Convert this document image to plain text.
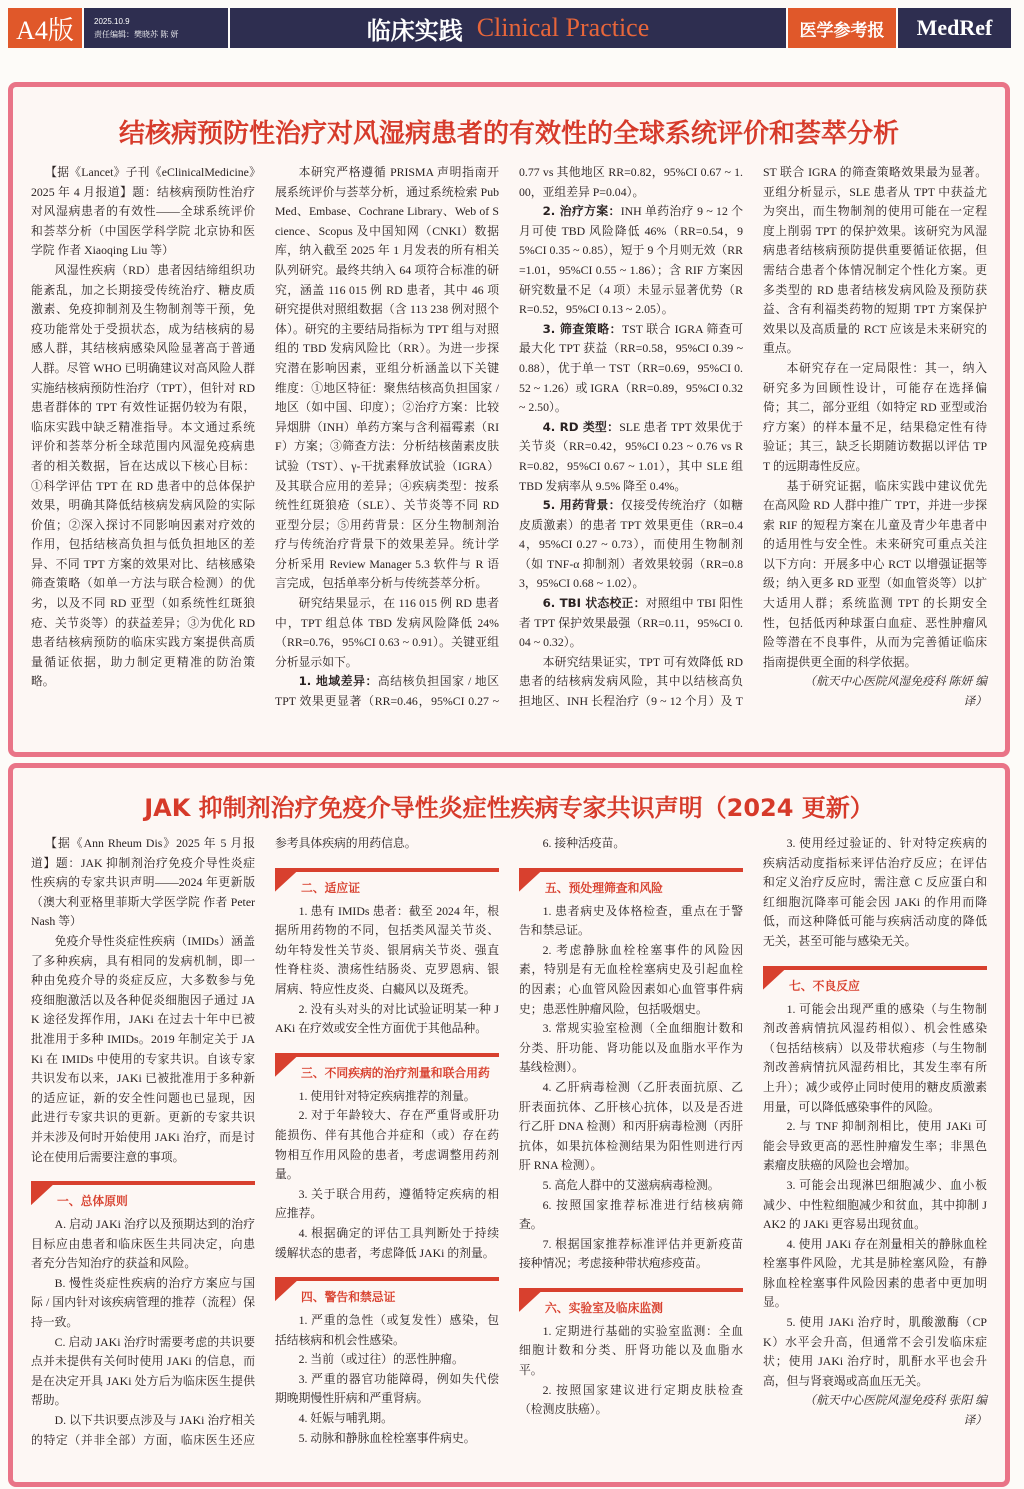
A4版	2025.10.9
责任编辑：樊晓苏 陈 妍	临床实践 Clinical Practice	医学参考报	MedRef
结核病预防性治疗对风湿病患者的有效性的全球系统评价和荟萃分析

【据《Lancet》子刊《eClinicalMedicine》2025 年 4 月报道】题：结核病预防性治疗对风湿病患者的有效性——全球系统评价和荟萃分析（中国医学科学院 北京协和医学院 作者 Xiaoqing Liu 等）

风湿性疾病（RD）患者因结缔组织功能紊乱，加之长期接受传统治疗、糖皮质激素、免疫抑制剂及生物制剂等干预，免疫功能常处于受损状态，成为结核病的易感人群，其结核病感染风险显著高于普通人群。尽管 WHO 已明确建议对高风险人群实施结核病预防性治疗（TPT），但针对 RD 患者群体的 TPT 有效性证据仍较为有限，临床实践中缺乏精准指导。本文通过系统评价和荟萃分析全球范围内风湿免疫病患者的相关数据，旨在达成以下核心目标：①科学评估 TPT 在 RD 患者中的总体保护效果，明确其降低结核病发病风险的实际价值；②深入探讨不同影响因素对疗效的作用，包括结核高负担与低负担地区的差异、不同 TPT 方案的效果对比、结核感染筛查策略（如单一方法与联合检测）的优劣，以及不同 RD 亚型（如系统性红斑狼疮、关节炎等）的获益差异；③为优化 RD 患者结核病预防的临床实践方案提供高质量循证依据，助力制定更精准的防治策略。

本研究严格遵循 PRISMA 声明指南开展系统评价与荟萃分析，通过系统检索 PubMed、Embase、Cochrane Library、Web of Science、Scopus 及中国知网（CNKI）数据库，纳入截至 2025 年 1 月发表的所有相关队列研究。最终共纳入 64 项符合标准的研究，涵盖 116 015 例 RD 患者，其中 46 项研究提供对照组数据（含 113 238 例对照个体）。研究的主要结局指标为 TPT 组与对照组的 TBD 发病风险比（RR）。为进一步探究潜在影响因素，亚组分析涵盖以下关键维度：①地区特征：聚焦结核高负担国家 / 地区（如中国、印度）；②治疗方案：比较异烟肼（INH）单药方案与含利福霉素（RIF）方案；③筛查方法：分析结核菌素皮肤试验（TST）、γ-干扰素释放试验（IGRA）及其联合应用的差异；④疾病类型：按系统性红斑狼疮（SLE）、关节炎等不同 RD 亚型分层；⑤用药背景：区分生物制剂治疗与传统治疗背景下的效果差异。统计学分析采用 Review Manager 5.3 软件与 R 语言完成，包括单率分析与传统荟萃分析。

研究结果显示，在 116 015 例 RD 患者中，TPT 组总体 TBD 发病风险降低 24%（RR=0.76，95%CI 0.63 ~ 0.91）。关键亚组分析显示如下。

1. 地域差异：高结核负担国家 / 地区 TPT 效果更显著（RR=0.46，95%CI 0.27 ~ 0.77 vs 其他地区 RR=0.82，95%CI 0.67 ~ 1.00，亚组差异 P=0.04）。

2. 治疗方案：INH 单药治疗 9 ~ 12 个月可使 TBD 风险降低 46%（RR=0.54，95%CI 0.35 ~ 0.85），短于 9 个月则无效（RR=1.01，95%CI 0.55 ~ 1.86）；含 RIF 方案因研究数量不足（4 项）未显示显著优势（RR=0.52，95%CI 0.13 ~ 2.05）。

3. 筛查策略：TST 联合 IGRA 筛查可最大化 TPT 获益（RR=0.58，95%CI 0.39 ~ 0.88），优于单一 TST（RR=0.69，95%CI 0.52 ~ 1.26）或 IGRA（RR=0.89，95%CI 0.32 ~ 2.50）。

4. RD 类型：SLE 患者 TPT 效果优于关节炎（RR=0.42，95%CI 0.23 ~ 0.76 vs RR=0.82，95%CI 0.67 ~ 1.01），其中 SLE 组 TBD 发病率从 9.5% 降至 0.4%。

5. 用药背景：仅接受传统治疗（如糖皮质激素）的患者 TPT 效果更佳（RR=0.44，95%CI 0.27 ~ 0.73），而使用生物制剂（如 TNF-α 抑制剂）者效果较弱（RR=0.83，95%CI 0.68 ~ 1.02）。

6. TBI 状态校正：对照组中 TBI 阳性者 TPT 保护效果最强（RR=0.11，95%CI 0.04 ~ 0.32）。

本研究结果证实，TPT 可有效降低 RD 患者的结核病发病风险，其中以结核高负担地区、INH 长程治疗（9 ~ 12 个月）及 TST 联合 IGRA 的筛查策略效果最为显著。亚组分析显示，SLE 患者从 TPT 中获益尤为突出，而生物制剂的使用可能在一定程度上削弱 TPT 的保护效果。该研究为风湿病患者结核病预防提供重要循证依据，但需结合患者个体情况制定个性化方案。更多类型的 RD 患者结核发病风险及预防获益、含有利福类药物的短期 TPT 方案保护效果以及高质量的 RCT 应该是未来研究的重点。

本研究存在一定局限性：其一，纳入研究多为回顾性设计，可能存在选择偏倚；其二，部分亚组（如特定 RD 亚型或治疗方案）的样本量不足，结果稳定性有待验证；其三，缺乏长期随访数据以评估 TPT 的远期毒性反应。

基于研究证据，临床实践中建议优先在高风险 RD 人群中推广 TPT，并进一步探索 RIF 的短程方案在儿童及青少年患者中的适用性与安全性。未来研究可重点关注以下方向：开展多中心 RCT 以增强证据等级；纳入更多 RD 亚型（如血管炎等）以扩大适用人群；系统监测 TPT 的长期安全性，包括低丙种球蛋白血症、恶性肿瘤风险等潜在不良事件，从而为完善循证临床指南提供更全面的科学依据。

（航天中心医院风湿免疫科 陈妍 编译）

JAK 抑制剂治疗免疫介导性炎症性疾病专家共识声明（2024 更新）

【据《Ann Rheum Dis》2025 年 5 月报道】题：JAK 抑制剂治疗免疫介导性炎症性疾病的专家共识声明——2024 年更新版（澳大利亚格里菲斯大学医学院 作者 Peter Nash 等）

免疫介导性炎症性疾病（IMIDs）涵盖了多种疾病，具有相同的发病机制，即一种由免疫介导的炎症反应，大多数参与免疫细胞激活以及各种促炎细胞因子通过 JAK 途径发挥作用，JAKi 在过去十年中已被批准用于多种 IMIDs。2019 年制定关于 JAKi 在 IMIDs 中使用的专家共识。自该专家共识发布以来，JAKi 已被批准用于多种新的适应证，新的安全性问题也已显现，因此进行专家共识的更新。更新的专家共识并未涉及何时开始使用 JAKi 治疗，而是讨论在使用后需要注意的事项。

一、总体原则

A. 启动 JAKi 治疗以及预期达到的治疗目标应由患者和临床医生共同决定，向患者充分告知治疗的获益和风险。

B. 慢性炎症性疾病的治疗方案应与国际 / 国内针对该疾病管理的推荐（流程）保持一致。

C. 启动 JAKi 治疗时需要考虑的共识要点并未提供有关何时使用 JAKi 的信息，而是在决定开具 JAKi 处方后为临床医生提供帮助。

D. 以下共识要点涉及与 JAKi 治疗相关的特定（并非全部）方面，临床医生还应参考具体疾病的用药信息。

二、适应证

1. 患有 IMIDs 患者：截至 2024 年，根据所用药物的不同，包括类风湿关节炎、幼年特发性关节炎、银屑病关节炎、强直性脊柱炎、溃疡性结肠炎、克罗恩病、银屑病、特应性皮炎、白癜风以及斑秃。

2. 没有头对头的对比试验证明某一种 JAKi 在疗效或安全性方面优于其他品种。

三、不同疾病的治疗剂量和联合用药

1. 使用针对特定疾病推荐的剂量。

2. 对于年龄较大、存在严重肾或肝功能损伤、伴有其他合并症和（或）存在药物相互作用风险的患者，考虑调整用药剂量。

3. 关于联合用药，遵循特定疾病的相应推荐。

4. 根据确定的评估工具判断处于持续缓解状态的患者，考虑降低 JAKi 的剂量。

四、警告和禁忌证

1. 严重的急性（或复发性）感染，包括结核病和机会性感染。

2. 当前（或过往）的恶性肿瘤。

3. 严重的器官功能障碍，例如失代偿期晚期慢性肝病和严重肾病。

4. 妊娠与哺乳期。

5. 动脉和静脉血栓栓塞事件病史。

6. 接种活疫苗。

五、预处理筛查和风险

1. 患者病史及体格检查，重点在于警告和禁忌证。

2. 考虑静脉血栓栓塞事件的风险因素，特别是有无血栓栓塞病史及引起血栓的因素；心血管风险因素如心血管事件病史；患恶性肿瘤风险，包括吸烟史。

3. 常规实验室检测（全血细胞计数和分类、肝功能、肾功能以及血脂水平作为基线检测）。

4. 乙肝病毒检测（乙肝表面抗原、乙肝表面抗体、乙肝核心抗体，以及是否进行乙肝 DNA 检测）和丙肝病毒检测（丙肝抗体，如果抗体检测结果为阳性则进行丙肝 RNA 检测）。

5. 高危人群中的艾滋病病毒检测。

6. 按照国家推荐标准进行结核病筛查。

7. 根据国家推荐标准评估并更新疫苗接种情况；考虑接种带状疱疹疫苗。

六、实验室及临床监测

1. 定期进行基础的实验室监测：全血细胞计数和分类、肝肾功能以及血脂水平。

2. 按照国家建议进行定期皮肤检查（检测皮肤癌）。

3. 使用经过验证的、针对特定疾病的疾病活动度指标来评估治疗反应；在评估和定义治疗反应时，需注意 C 反应蛋白和红细胞沉降率可能会因 JAKi 的作用而降低，而这种降低可能与疾病活动度的降低无关，甚至可能与感染无关。

七、不良反应

1. 可能会出现严重的感染（与生物制剂改善病情抗风湿药相似）、机会性感染（包括结核病）以及带状疱疹（与生物制剂改善病情抗风湿药相比，其发生率有所上升）；减少或停止同时使用的糖皮质激素用量，可以降低感染事件的风险。

2. 与 TNF 抑制剂相比，使用 JAKi 可能会导致更高的恶性肿瘤发生率；非黑色素瘤皮肤癌的风险也会增加。

3. 可能会出现淋巴细胞减少、血小板减少、中性粒细胞减少和贫血，其中抑制 JAK2 的 JAKi 更容易出现贫血。

4. 使用 JAKi 存在剂量相关的静脉血栓栓塞事件风险，尤其是肺栓塞风险，有静脉血栓栓塞事件风险因素的患者中更加明显。

5. 使用 JAKi 治疗时，肌酸激酶（CPK）水平会升高，但通常不会引发临床症状；使用 JAKi 治疗时，肌酐水平也会升高，但与肾衰竭或高血压无关。

（航天中心医院风湿免疫科 张阳 编译）
